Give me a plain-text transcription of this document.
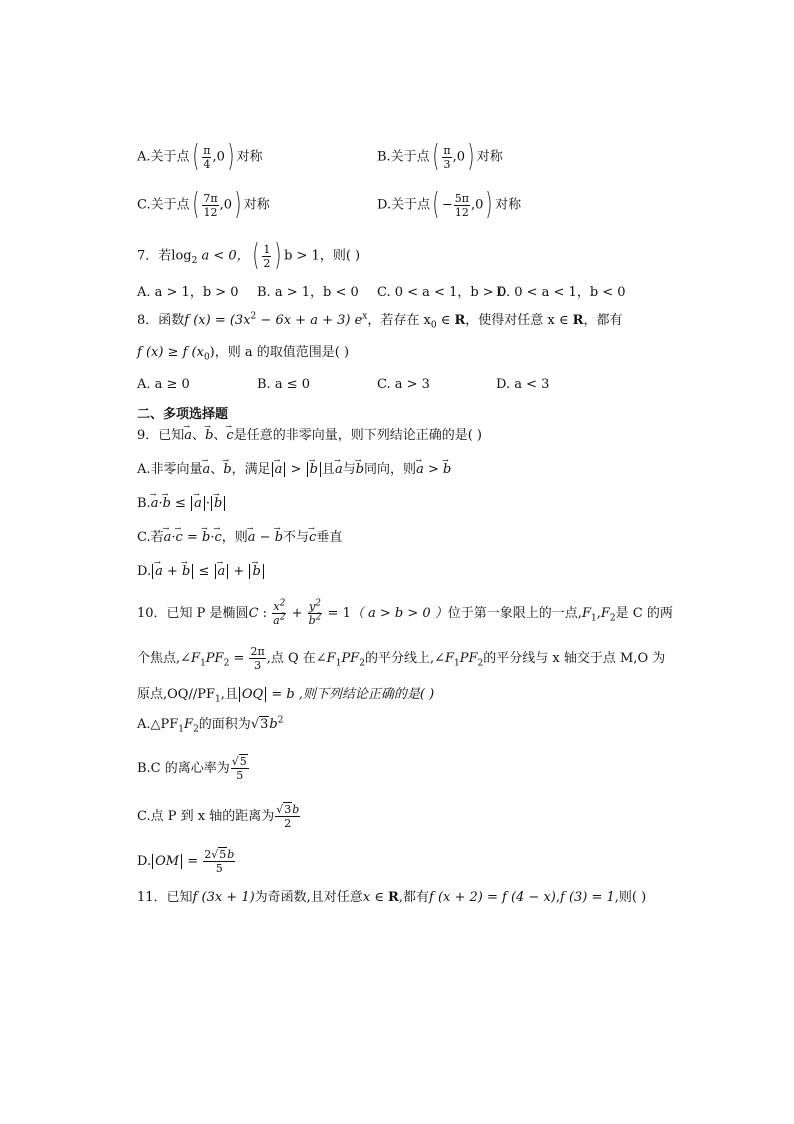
A.关于点( $\frac{\pi}{4} ,0$) 对称	B.关于点( $\frac{\pi}{3} ,0$) 对称
C.关于点( $\frac{7\pi}{12} ,0$) 对称	D.关于点( − $\frac{5\pi}{12} ,0$) 对称
7．若$\log_2 a < 0$，( $\frac{1}{2}$ ) b > 1，则( )
A. a > 1，b > 0 B. a > 1，b < 0 C. 0 < a < 1，b > 0
D. 0 < a < 1，b < 0
8．函数f $(x) = (3x^2 - 6x + a + 3)$ $e^x$，若存在 $x_0$ ∈ R，使得对任意 x ∈ R，都有
f (x) ≥ f $(x_0)$，则 a 的取值范围是( )
A. a ≥ 0	B. a ≤ 0	C. a > 3	D. a < 3
二、多项选择题
9．已知→ a、→ b、→ c是任意的非零向量，则下列结论正确的是( )
A.非零向量→ a、→ b，满足 → a > → b 且→ a与→ b同向，则→ a > → b
B.→ a·→ b ≤ → a · → b
C.若→ a·→ c = → b·→ c，则→ a − → b不与→ c垂直
D. → a + → b ≤ → a + → b
10．已知 P 是椭圆C : $\frac{x^2}{a^2} + \frac{y^2}{b^2} = 1$（ a > b > 0 ）位于第一象限上的一点$,F_1,F_2$是 C 的两
个焦点$,\angle F_1PF_2 = \frac{2\pi}{3}$ ,点 Q 在$\angle F_1PF_2$的平分线上$,\angle F_1PF_2$的平分线与 x 轴交于点 M,O 为
原点$,OQ//PF_1$,且 OQ = b ,则下列结论正确的是( )
$A.\triangle PF_1F_2$的面积为$√3b^2$
B.C 的离心率为 $\frac{√5}{5}$
C.点 P 到 x 轴的距离为 $\frac{√3b}{2}$
D. OM = $\frac{2√5b}{5}$
11．已知f (3x + 1)为奇函数,且对任意x ∈ R,都有f (x + 2) = f (4 − x),f (3) = 1,则( )
